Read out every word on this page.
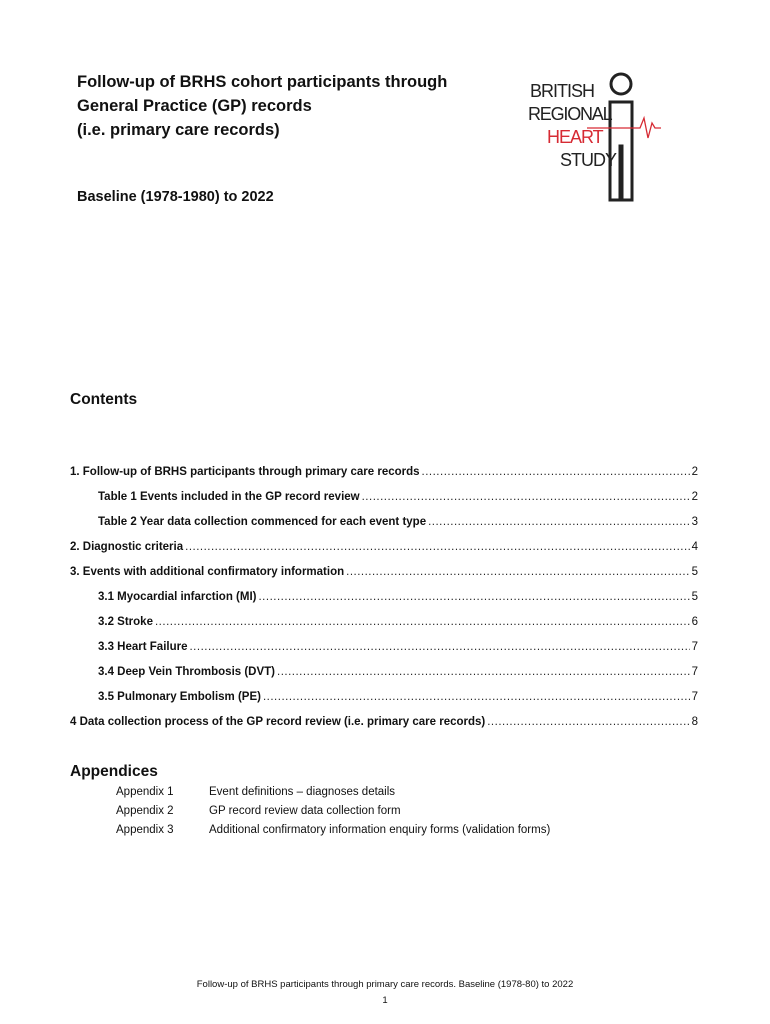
Follow-up of BRHS cohort participants through
General Practice (GP) records
(i.e. primary care records)
Baseline (1978-1980) to 2022
BRITISH
REGIONAL
HEART
STUDY
Contents
1. Follow-up of BRHS participants through primary care records .....	2
Table 1 Events included in the GP record review .....	2
Table 2 Year data collection commenced for each event type .....	3
2. Diagnostic criteria .....	4
3. Events with additional confirmatory information .....	5
3.1 Myocardial infarction (MI) .....	5
3.2 Stroke .....	6
3.3 Heart Failure .....	7
3.4 Deep Vein Thrombosis (DVT) .....	7
3.5 Pulmonary Embolism (PE) .....	7
4 Data collection process of the GP record review (i.e. primary care records) .....	8
Appendices
Appendix 1	Event definitions – diagnoses details
Appendix 2	GP record review data collection form
Appendix 3	Additional confirmatory information enquiry forms (validation forms)
Follow-up of BRHS participants through primary care records. Baseline (1978-80) to 2022
1
